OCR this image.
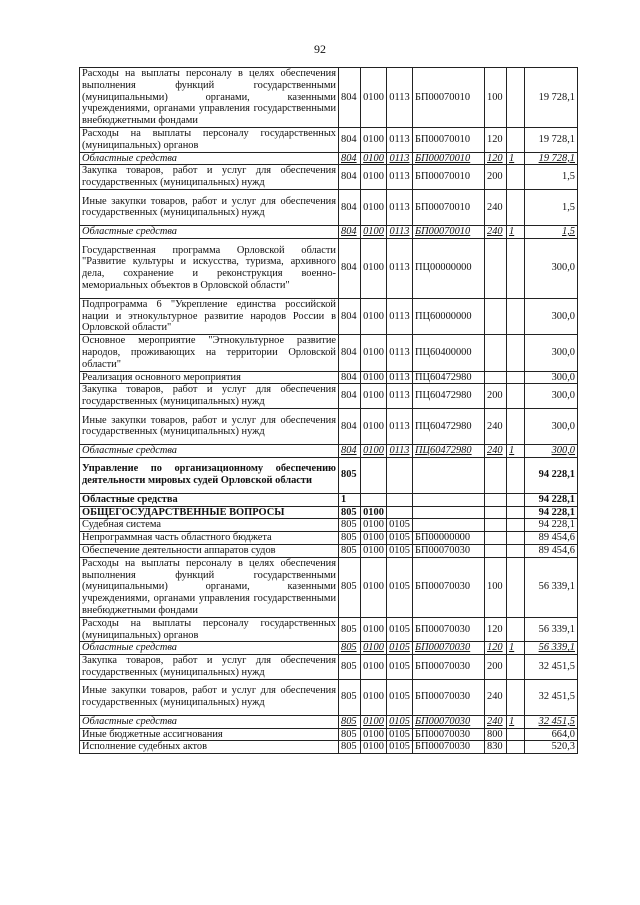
92
Расходы на выплаты персоналу в целях обеспечения выполнения функций государственными (муниципальными) органами, казенными учреждениями, органами управления государственными внебюджетными фондами	804	0100	0113	БП00070010	100		19 728,1
Расходы на выплаты персоналу государственных (муниципальных) органов	804	0100	0113	БП00070010	120		19 728,1
Областные средства	804	0100	0113	БП00070010	120	1	19 728,1
Закупка товаров, работ и услуг для обеспечения государственных (муниципальных) нужд	804	0100	0113	БП00070010	200		1,5
Иные закупки товаров, работ и услуг для обеспечения государственных (муниципальных) нужд	804	0100	0113	БП00070010	240		1,5
Областные средства	804	0100	0113	БП00070010	240	1	1,5
Государственная программа Орловской области "Развитие культуры и искусства, туризма, архивного дела, сохранение и реконструкция военно-мемориальных объектов в Орловской области"	804	0100	0113	ПЦ00000000			300,0
Подпрограмма 6 "Укрепление единства российской нации и этнокультурное развитие народов России в Орловской области"	804	0100	0113	ПЦ60000000			300,0
Основное мероприятие "Этнокультурное развитие народов, проживающих на территории Орловской области"	804	0100	0113	ПЦ60400000			300,0
Реализация основного мероприятия	804	0100	0113	ПЦ60472980			300,0
Закупка товаров, работ и услуг для обеспечения государственных (муниципальных) нужд	804	0100	0113	ПЦ60472980	200		300,0
Иные закупки товаров, работ и услуг для обеспечения государственных (муниципальных) нужд	804	0100	0113	ПЦ60472980	240		300,0
Областные средства	804	0100	0113	ПЦ60472980	240	1	300,0
Управление по организационному обеспечению деятельности мировых судей Орловской области	805						94 228,1
Областные средства	1						94 228,1
ОБЩЕГОСУДАРСТВЕННЫЕ ВОПРОСЫ	805	0100					94 228,1
Судебная система	805	0100	0105				94 228,1
Непрограммная часть областного бюджета	805	0100	0105	БП00000000			89 454,6
Обеспечение деятельности аппаратов судов	805	0100	0105	БП00070030			89 454,6
Расходы на выплаты персоналу в целях обеспечения выполнения функций государственными (муниципальными) органами, казенными учреждениями, органами управления государственными внебюджетными фондами	805	0100	0105	БП00070030	100		56 339,1
Расходы на выплаты персоналу государственных (муниципальных) органов	805	0100	0105	БП00070030	120		56 339,1
Областные средства	805	0100	0105	БП00070030	120	1	56 339,1
Закупка товаров, работ и услуг для обеспечения государственных (муниципальных) нужд	805	0100	0105	БП00070030	200		32 451,5
Иные закупки товаров, работ и услуг для обеспечения государственных (муниципальных) нужд	805	0100	0105	БП00070030	240		32 451,5
Областные средства	805	0100	0105	БП00070030	240	1	32 451,5
Иные бюджетные ассигнования	805	0100	0105	БП00070030	800		664,0
Исполнение судебных актов	805	0100	0105	БП00070030	830		520,3
